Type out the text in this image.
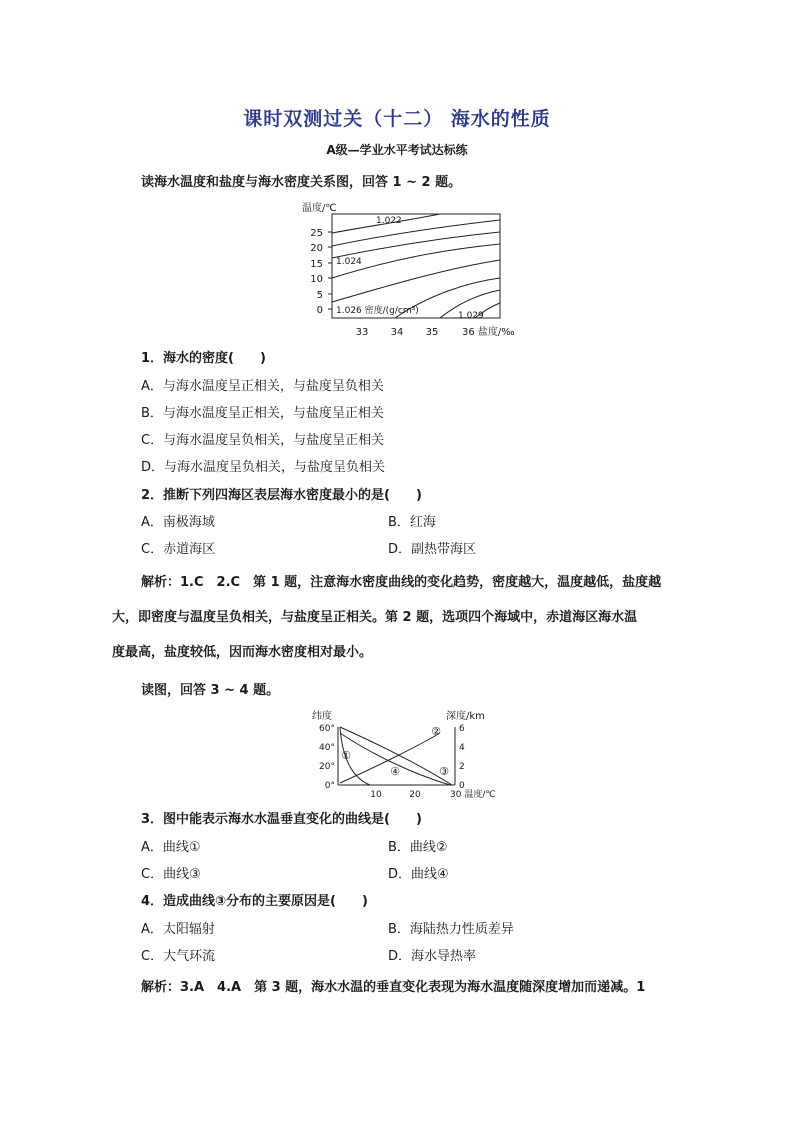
课时双测过关（十二） 海水的性质
A级—学业水平考试达标练
读海水温度和盐度与海水密度关系图，回答 1 ~ 2 题。
温度/℃
25
20
15
10
5
0
1.022
1.024
1.026 密度/(g/cm³)	1.029
33 34 35 36 盐度/‰
1．海水的密度(　　)
A．与海水温度呈正相关，与盐度呈负相关
B．与海水温度呈正相关，与盐度呈正相关
C．与海水温度呈负相关，与盐度呈正相关
D．与海水温度呈负相关，与盐度呈负相关
2．推断下列四海区表层海水密度最小的是(　　)
A．南极海域	B．红海
C．赤道海区	D．副热带海区
解析：1.C　2.C　第 1 题，注意海水密度曲线的变化趋势，密度越大，温度越低，盐度越
大，即密度与温度呈负相关，与盐度呈正相关。第 2 题，选项四个海域中，赤道海区海水温
度最高，盐度较低，因而海水密度相对最小。
读图，回答 3 ~ 4 题。
纬度	深度/km
60°
40°
20°
0°
6
4
2
0
①
②
③
④
10	20	30 温度/℃
3．图中能表示海水水温垂直变化的曲线是(　　)
A．曲线①	B．曲线②
C．曲线③	D．曲线④
4．造成曲线③分布的主要原因是(　　)
A．太阳辐射	B．海陆热力性质差异
C．大气环流	D．海水导热率
解析：3.A　4.A　第 3 题，海水水温的垂直变化表现为海水温度随深度增加而递减。1
